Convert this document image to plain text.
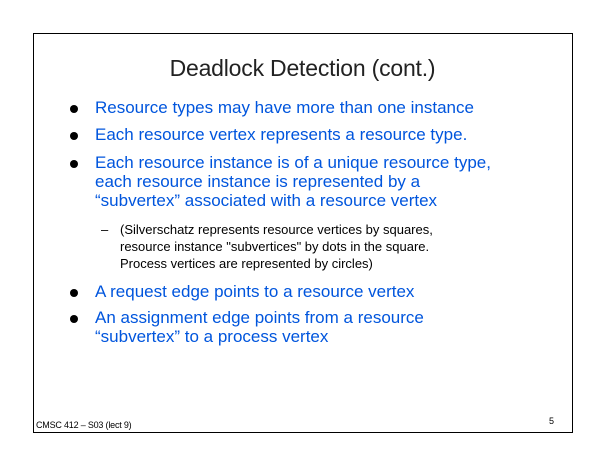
Deadlock Detection (cont.)
Resource types may have more than one instance
Each resource vertex represents a resource type.
Each resource instance is of a unique resource type,
each resource instance is represented by a
“subvertex” associated with a resource vertex
– (Silverschatz represents resource vertices by squares,
resource instance "subvertices" by dots in the square.
Process vertices are represented by circles)
A request edge points to a resource vertex
An assignment edge points from a resource
“subvertex” to a process vertex
CMSC 412 – S03 (lect 9)	5
